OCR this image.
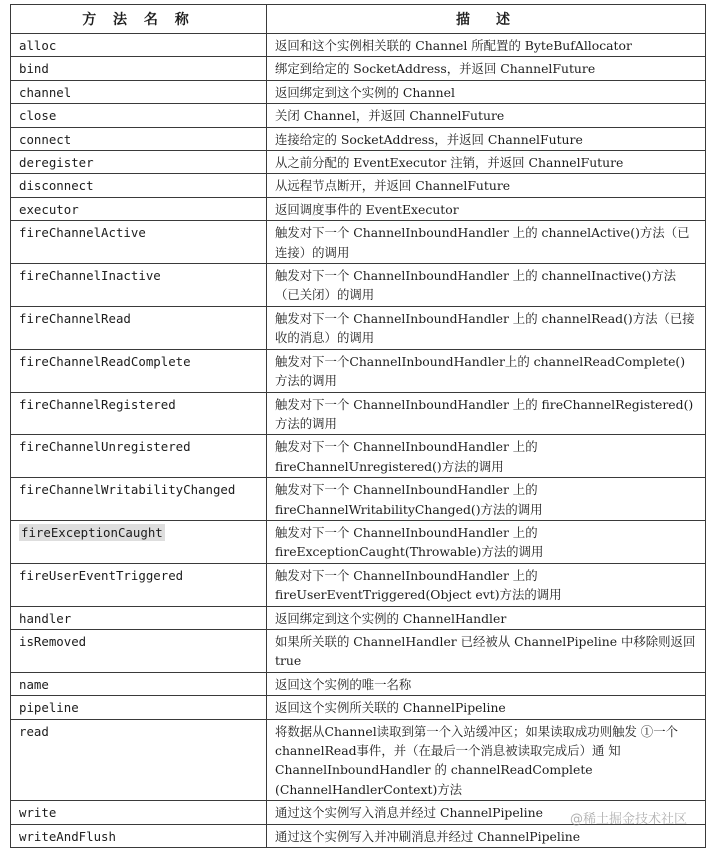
方 法 名 称	描　述
alloc	返回和这个实例相关联的 Channel 所配置的 ByteBufAllocator
bind	绑定到给定的 SocketAddress，并返回 ChannelFuture
channel	返回绑定到这个实例的 Channel
close	关闭 Channel，并返回 ChannelFuture
connect	连接给定的 SocketAddress，并返回 ChannelFuture
deregister	从之前分配的 EventExecutor 注销，并返回 ChannelFuture
disconnect	从远程节点断开，并返回 ChannelFuture
executor	返回调度事件的 EventExecutor
fireChannelActive	触发对下一个 ChannelInboundHandler 上的 channelActive()方法（已连接）的调用
fireChannelInactive	触发对下一个 ChannelInboundHandler 上的 channelInactive()方法（已关闭）的调用
fireChannelRead	触发对下一个 ChannelInboundHandler 上的 channelRead()方法（已接收的消息）的调用
fireChannelReadComplete	触发对下一个ChannelInboundHandler上的 channelReadComplete()方法的调用
fireChannelRegistered	触发对下一个 ChannelInboundHandler 上的 fireChannelRegistered()方法的调用
fireChannelUnregistered	触发对下一个 ChannelInboundHandler 上的 fireChannelUnregistered()方法的调用
fireChannelWritabilityChanged	触发对下一个 ChannelInboundHandler 上的 fireChannelWritabilityChanged()方法的调用
fireExceptionCaught	触发对下一个 ChannelInboundHandler 上的 fireExceptionCaught(Throwable)方法的调用
fireUserEventTriggered	触发对下一个 ChannelInboundHandler 上的 fireUserEventTriggered(Object evt)方法的调用
handler	返回绑定到这个实例的 ChannelHandler
isRemoved	如果所关联的 ChannelHandler 已经被从 ChannelPipeline 中移除则返回 true
name	返回这个实例的唯一名称
pipeline	返回这个实例所关联的 ChannelPipeline
read	将数据从Channel读取到第一个入站缓冲区；如果读取成功则触发 ①一个channelRead事件，并（在最后一个消息被读取完成后）通 知 ChannelInboundHandler 的 channelReadComplete (ChannelHandlerContext)方法
write	通过这个实例写入消息并经过 ChannelPipeline
writeAndFlush	通过这个实例写入并冲刷消息并经过 ChannelPipeline
@稀土掘金技术社区
